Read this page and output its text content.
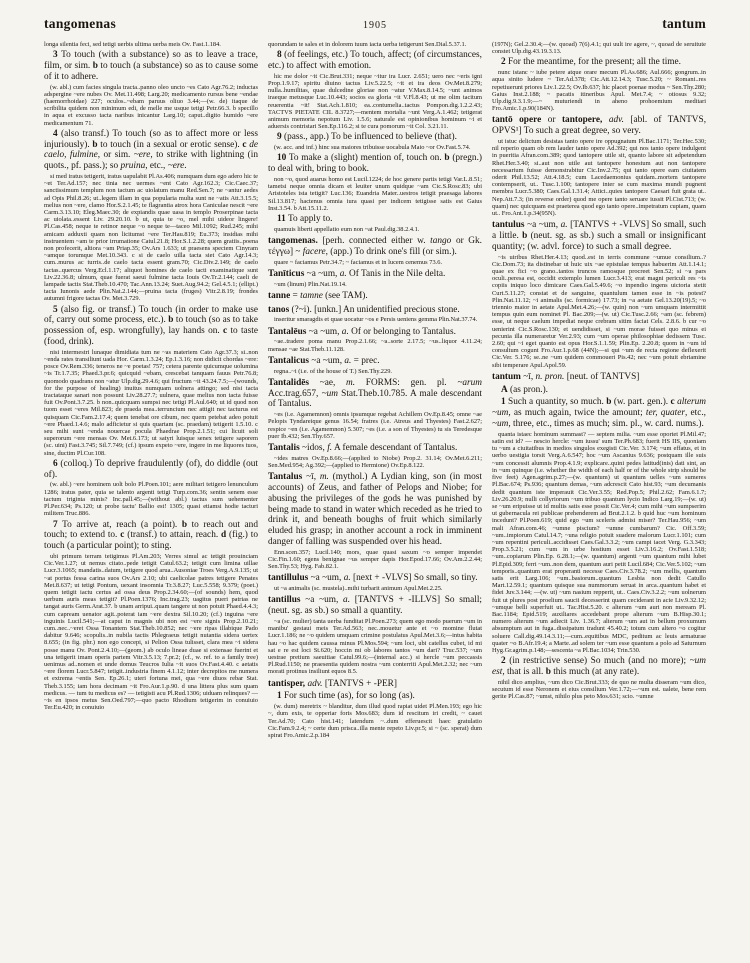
tangomenas	1905	tantum

longa silentia feci, sed tetigi uerbis ultima uerba meis Ov. Fast.1.184.

3 To touch (with a substance) so as to leave a trace, film, or sim. b to touch (a substance) so as to cause some of it to adhere.

(w. abl.) cum facies singula tracta..panno oleo uncto ~es Cato Agr.76.2; inductas adspergine ~ere nubes Ov. Met.11.498; Larg.20; medicamento rursus bene ~endae (haemorrhoidae) 227; oculos..~ebam paruus oliuo 3.44;—(w. de) itaque de scribilita quidem non minimum edi, de melle me usque tetigi Petr.66.3. b specillo in aqua et excusso tacta naribus inicantur Larg.10; caput..digito humido ~ere medicamentum 71.

4 (also transf.) To touch (so as to affect more or less injuriously). b to touch (in a sexual or erotic sense). c de caelo, fulmine, or sim. ~ere, to strike with lightning (in quots., pf. pass.); so pruina, etc., ~ere.

si med iratus tetigerit, iratus uapulabit Pl.As.406; numquam dum ego adero hic te ~et Ter.Ad.157; nec tinia nec uermes ~ent Cato Agr.162.3; Cic.Caec.37; sanctissimum templum non tactum ac uiolatum manu Red.Sen.7; ne ~antur aedes ad Opis Phil.8.26; ut..legem illam in qua popularia multa sunt ne ~atis Att.3.15.5; melius non ~ere, clamo Hor.S.2.1.45; te flagrantia atrox hora Caniculae nescit ~ere Carm.3.13.10; Eleg.Maec.30; de expiandis quae uasa in templo Proserpinae tacta ac uiolata..essent Liv. 29.20.10. b ut, quia te ~o, mel mihi uideor lingere! Pl.Cas.458; neque te retinor neque ~o neque te—taceo Mil.1092; Rud.245; mihi amicam adduxti quam non licitumst ~ere Ter.Hau.819; Eu.373; insidias mihi instruentem ~am te prior irrumatione Catul.21.8; Hor.S.1.2.28; quem gratiis..poena non profecerit, altiora ~am Priap.35; Ov.Ars 1.633; ut praesens spectem Cinyram ~amque torumque Met.10.343. c si de caelo uilla tacta siet Cato Agr.14.3; cum..murus ac turris..de caelo tacta essent gram.70; Cic.Div.2.149; de caelo tactas..quercus Verg.Ecl.1.17; aliquot homines de caelo tacti examinatique sunt Liv.22.36.8; ulmum, quae fuerat saeui fulmine tacta Iouis Ov.Tr.2.144; caeli de lampade tactis Stat.Theb.10.470; Tac.Ann.13.24; Suet.Aug.94.2; Gel.4.5.1; (ellipt.) tacta Iunonis aede Plin.Nat.2.144;—pruina tacta (fruges) Vitr.2.8.19; frondes autumni frigore tactas Ov. Met.3.729.

5 (also fig. or transf.) To touch (in order to make use of, carry out some process, etc.). b to touch (so as to take possession of, esp. wrongfully), lay hands on. c to taste (food, drink).

nisi intermestri lunaque dimidiata tum ne ~as materiem Cato Agr.37.3; si..non ~enda rates transiliunt uada Hor. Carm.1.3.24; Ep.1.3.16; non didicit chordas ~ere: posce Ov.Rem.336; teneros ne ~e poetas! 757; cetera parente quicumque uolumina ~is Tr.1.7.35; Phaed.3.pr.6; quicquid ~ebam, crescebat tanquam fauus Petr.76.8; quomodo quadrans non ~atur Ulp.dig.29.4.6; qui fructum ~it 43.24.7.5;—(wounds, for the purpose of healing) inuitus numquam uolnera attingo; sed nisi tacta tractataque sanari non possunt Liv.28.27.7; uulnera, quae melius non tacta fuisse fuit Ov.Pont.3.7.25. b non..quicquam sumpsi nec tetigi Pl.Aul.640; ut id quod non tuom esset ~eres Mil.823; de praeda mea..terruncium nec attigit nec tacturus est quisquam Cic.Fam.2.17.4; quem tenebat ore cibum, nec quem petebat adeo potuit ~ere Phaed.1.4.6; malo adficietur si quis quartam (sc. praedam) tetigerit 1.5.10. c seu mihi sunt ~enda nouercae pocula Phaedrae Prop.2.1.51; cui licuit soli superorum ~ere mensas Ov. Met.6.173; ut satyri luisque senex tetigere saporem (sc. uini) Fast.3.745; Sil.7.749; (cf.) ipsum expeto ~ere, ingere in me liquores tuos, sine, ductim Pl.Cur.108.

6 (colloq.) To deprive fraudulently (of), do diddle (out of).

(w. abl.) ~ere hominem uolt bolo Pl.Poen.101; aere militari tetigero lenunculum 1286; iratus pater, quia se talento argenti tetigi Turp.com.36; sentin senem esse tactum triginta minis? Inc.pall.45;—(without abl.) tactus sum uehementer Pl.Per.634; Ps.120; ut probe tactu' Ballio est! 1305; quasi etiamsi hodie tacturi militem Truc.886.

7 To arrive at, reach (a point). b to reach out and touch; to extend to. c (transf.) to attain, reach. d (fig.) to touch (a particular point); to sting.

ubi primum terram tetigimus Pl.Am.203; Verres simul ac tetigit prouinciam Cic.Ver.1.27; ut nemus citato..pede tetigit Catul.63.2; tetigit cum limina uillae Lucr.3.1065; mandatis..datum, tetigere quod arua..Ausoniae Troes Verg.A.9.135; ut ~at portus fessa carina suos Ov.Ars 2.10; ubi caelicolae patres tetigere Penates Met.8.637; ut tetigi Pontum, uexant insomnia Tr.3.8.27; Luc.5.558; 9.379; (poet.) quem tetigit iactu certus ad ossa deus Prop.2.34.60;—(of sounds) hem, quod uerbum auris meas tetigit? Pl.Poen.1376; Inc.trag.23; uagitus pueri patrias ne tangat auris Germ.Arat.37. b unam arripui..quam tangere ut non potuit Phaed.4.4.3; cum capream uenator agit..poterat iam ~ere dextra Sil.10.20; (cf.) inguina ~ere inguinis Lucil.541;—at caput in magnis ubi non est ~ere signis Prop.2.10.21; cum..nec..~eret Ossa Tonantem Stat.Theb.10.852; nec ~ere ripas illabique Pado dabitur 9.646; scopulis..in nubila tactis Phlegraeus tetigit nutantia sidera uertex 8.655; (in fig. phr.) non ego concepi, si Pelion Ossa tulisset, clara mea ~i sidera posse manu Ov. Pont.2.4.10;—(geom.) ab oculo lineae duae si extensae fuerint et una tetigerit imam operis partem Vitr.3.5.13; 7.pr.2; (cf., w. ref. to a family tree) uenimus ad..nomen et unde domus Teucros Iulia ~it suos Ov.Fast.4.40. c aetatis ~ere florem Lucr.5.847; tetigit..industria finem 4.1.12; inter decrepitos me numera et extrema ~entis Sen. Ep.26.1; uteri fortuna mei, qua ~ere diuos rebar Stat. Theb.3.155; iam hora decimam ~it Fro.Aur.1.p.90. d una littera plus sum quam medicus. — tum tu medicus es? — tetigisti acu Pl.Rud.1306; uiduam relinques? — ~is en ipsos metus Sen.Oed.797;—quo pacto Rhodium tetigerim in conuiuio Ter.Eu.420; in conuiuio

quorundam te sales et in dolorem tuum iacta uerba tetigerunt Sen.Dial.5.37.1.

8 (of feelings, etc.) To touch, affect; (of circumstances, etc.) to affect with emotion.

hic me dolor ~it Cic.Brut.331; neque ~itur ira Lucr. 2.651; uero nec ~eris igni Prop.1.9.17; spiritu diuino tactus Liv.5.22.5; ~it et ira deos Ov.Met.8.279; nulla..humilitas, quae dulcedine gloriae non ~atur V.Max.8.14.5; ~unt animos iraeque metusque Luc.10.443; socios ea gloria ~it V.Fl.8.43; ut me olim tacitum reuerentia ~it! Stat.Ach.1.810; ea..contumelia..tactus Pompon.dig.1.2.2.43; TACTVS PIETATE CIL 8.3727;—mentem mortalia ~unt Verg.A.1.462; tetigerat animum memoria nepotum Liv. 1.5.6; naturale est opinionibus hominum ~i et aduersis contristari Sen.Ep.116.2; si te cura pomorum ~it Col. 3.21.11.

9 (pass., app.) To be influenced to believe (that).

(w. acc. and inf.) hinc sua maiores tribuisse uocabula Maio ~or Ov.Fast.5.74.

10 To make a (slight) mention of, touch on. b (pregn.) to deal with, bring to book.

non ~o, quod auarus homo est Lucil.1224; de hoc genere partis tetigi Var.L.8.51; tametsi neque omnia dicam et leuiter unum quidque ~am Cic.S.Rosc.83; ubi Aristoteles ista tetigit? Luc.136; Euandria Mater..uestros tetigit praesaga labores Sil.13.817; hactenus omnia iura quasi per indicem tetigisse satis est Gaius Inst.3.54. b Att.15.11.2.

11 To apply to.

quamuis liberti appellatio eum non ~at Paul.dig.38.2.4.1.

tangomenas. [perh. connected either w. tango or Gk. τέγγω] ~ facere, (app.) To drink one's fill (or sim.).

quare ~ faciamus Petr.34.7; ~ faciamus et in lucem cenemus 73.6.

Tanīticus ~a ~um, a. Of Tanis in the Nile delta.

~um (linum) Plin.Nat.19.14.

tanne = tamne (see TAM).

tanos (?~i). [unkn.] An unidentified precious stone.

inseritur smaragdis et quae uocatur ~os e Persis ueniens gemma Plin.Nat.37.74.

Tantalēus ~a ~um, a. Of or belonging to Tantalus.

~ae..tradere poma manu Prop.2.1.66; ~a..sorte 2.17.5; ~us..liquor 4.11.24; mensae ~ae Stat.Theb.11.128.

Tantalicus ~a ~um, a. = prec.

regna..~i (i.e. of the house of T.) Sen.Thy.229.

Tantalidēs ~ae, m. FORMS: gen. pl. ~arum Acc.trag.657, ~um Stat.Theb.10.785. A male descendant of Tantalus.

~es (i.e. Agamemnon) omnis ipsumque regebat Achillem Ov.Ep.8.45; omne ~ae Pelopis Tyndareique genus 16.54; fratres (i.e. Atreus and Thyestes) Fast.2.627; respice ~en (i.e. Agamemnon) 5.307; ~es (i.e. a son of Thyestes) tu sis Teredesque puer Ib.432; Sen.Thy.657.

Tantalis ~idos, f. A female descendant of Tantalus.

~ides matres Ov.Ep.8.66;—(applied to Niobe) Prop.2. 31.14; Ov.Met.6.211; Sen.Med.954; Ag.392;—(applied to Hermione) Ov.Ep.8.122.

Tantalus ~ī, m. (mythol.) A Lydian king, son (in most accounts) of Zeus, and father of Pelops and Niobe; for abusing the privileges of the gods he was punished by being made to stand in water which receded as he tried to drink it, and beneath boughs of fruit which similarly eluded his grasp; in another account a rock in imminent danger of falling was suspended over his head.

Enn.scen.357; Lucil.140; mors, quae quasi saxum ~o semper impendet Cic.Fin.1.60; egens benignae ~us semper dapis Hor.Epod.17.66; Ov.Am.2.2.44; Sen.Thy.53; Hyg. Fab.82.1.

tantillulus ~a ~um, a. [next + -VLVS] So small, so tiny.

ut ~a animalis (sc. mustela)..mihi turbarit animum Apul.Met.2.25.

tantillus ~a ~um, a. [TANTVS + -ILLVS] So small; (neut. sg. as sb.) so small a quantity.

~a (sc. mulier) tanta uerba funditat Pl.Poen.273; quem ego modo puerum ~um in manibu' gestaui meis Ter.Ad.563; nec..mouetur ante et ~o momine flutat Lucr.1.186; ne ~o quidem umquam crimine postulatus Apul.Met.3.6;—intus habita hau ~o hac quidem caussa minus Pl.Mos.594; ~um loci, ubi catellus cubet, id mi sat e re est loci St.620; hoccin mi ob labores tantos ~um dari? Truc.537; ~um uestrae pretium saeuitiae Catul.99.6;—(internal acc.) si hercle ~um peccassis Pl.Rud.1150; ne praesentia quidem nostra ~um conterriti Apul.Met.2.32; nec ~um morati protinus insiliunt equos 8.5.

tantisper, adv. [TANTVS + -PER]

1 For such time (as), for so long (as).

(w. dum) meretrix ~ blanditur, dum illud quod rapiat uidet Pl.Men.193; ego hic ~, dum exis, te opperiar foris Mos.683; dum id rescitum iri credit, ~ cauet Ter.Ad.70; Cato hist.141; latendum ~..dum efferuescit haec gratulatio Cic.Fam.9.2.4; ~ certe dum prisca..illa mente repeto Liv.pr.5; si ~ (sc. sperat) dum spirat Fro.Amic.2.p.184

(197N); Gel.2.30.4;—(w. quoad) 7(6).4.1; qui uult ire agere, ~, quoad de seruitute constet Ulp.dig.43.19.3.13.

2 For the meantime, for the present; all the time.

nunc istanc ~ iube petere atque orare mecum Pl.As.686; Aul.666; gongrum..in aqua sinito ludere ~ Ter.Ad.378; Cic.Att.12.14.3; Tusc.5.20; ~ Romani..res repetiuerunt priores Liv.1.22.5; Ov.Ib.637; hic placet poenae modus ~ Sen.Thy.280; Gaius Inst.2.188; ~ pacatis itineribus Apul. Met.7.4; ~ otiosus 9.32; Ulp.dig.9.3.1.9;—~ muturiendi in aheno prohoemium meditari Fro.Amic.1.p.90(184N).

tantō opere or tantopere, adv. [abl. of TANTVS, OPVS¹] To such a great degree, so very.

ut istuc delictum desistas tanto opere ire oppugnatum Pl.Bac.1171; Ter.Hec.530; nil reperio quam ob rem lauder tanto opere Ad.392; qui nos tanto opere indulgent in pueritia Afran.com.389; quod tantopere utile sit, quanto labore sit adpetendum Rhet.Her.3.40; si..aut non utile aut tantopere honestum aut non tantopere necessarium fuisse demonstrabitur Cic.Inv.2.75; qui tanto opere eam ciuitatem oderit Phil.13.52; Att.4.18.5; cum Lacedaemonius quidam..mortem tantopere contempserit, ut.. Tusc.1.100; tantopere inter se cum maxima mundi pugnent membra Lucr.5.380; Caes.Gal.1.31.4; Attici..quies tantopere Caesari fuit grata ut.. Nep.Att.7.3; (in reverse order) quod me opere tanto seruare iussit Pl.Cist.713; (w. quam) nec quicquam est praeterea quod ego tanto opere..impetratum cupiam, quam ut.. Fro.Ant.1.p.34(95N).

tantulus ~a ~um, a. [TANTVS + -VLVS] So small, such a little. b (neut. sg. as sb.) such a small or insignificant quantity; (w. advl. force) to such a small degree.

~is uiribus Rhet.Her.4.13; quod..est in terris commune ~umue consilium..? Cic.Dom.73; ita distinebar ut huic uix ~ae epistulae tempus habuerim Att.1.14.1; quae ex fici ~o grano..tantos truncos ramosque procreet Sen.52; si ~a pars oculi..peresa est, occidit extemplo lumen Lucr.3.413; erat magni periculi res ~is copiis iniquo loco dimicare Caes.Gal.5.49.6; ~o inpendio ingens uictoria stetit Curt.5.11.27; constat et de sanguine, quantulum tamen esse in ~is potest? Plin.Nat.11.12; ~i animalis (sc. formicae) 17.73; in ~a aetate Gel.13.20(19).5; ~o triennio maior in aetate Apul.Met.4.26;—(w. quin) non ~um umquam intermittit tempus quin eum nominet Pl. Bac.209;—(w. ut) Cic.Tusc.2.66; ~am (sc. febrem) esse, ut neque caelum impediat neque crebram sitim faciat Cels. 2.8.6. b cur ~o uenierint Cic.S.Rosc.130; et uendidisset, si ~um morae fuisset quo minus ei pecunia illa numeraretur Ver.2.93; cum ~um operae philosophiae dedissem Tusc. 2.60; qui ~i eget quanto est opus Hor.S.1.1.59; Plin.Ep. 2.20.8; quom in ~um id consultum cogunt Fro.Aur.1.p.68 (44N);—si qui ~um de recta regione deflexerit Cic.Ver. 5.176; se..ne ~um quidem commoueri Pis.42; nec ~um potuit ebriamine sibi temperare Apul.Apol.59.

tantum ~ī, n. pron. [neut. of TANTVS]

A (as pron.).

1 Such a quantity, so much. b (w. part. gen.). c alterum ~um, as much again, twice the amount; ter, quater, etc., ~um, three, etc., times as much; sim. pl., w. card. nums.).

quanta istaec hominum summast? — septem milia. ~um esse oportet Pl.Mil.47; satin est id? — nescio hercle: ~um iussu' sum Ter.Ph.683; fuerit HS IIS, quoniam tu ~um a ciuitatibus in medios singulos exegisti Cic.Ver. 3.174; ~um effatus, et in uerbo uestigia torsit Verg.A.6.547; hoc ~um Ascanius 9.636; postquam ille suis ~um concessit alumnis Prop.4.1.9; explicare..quini pedes latitud(inis) dati sint, an in ~um quinque (i.e. whether the width of each half or of the whole strip should be five feet) Agen.agrim.p.27;—(w. quantum) ut quantum uelles ~um sumeres Pl.Bac.674; Ps.936; quantum demas, ~um adcrescit Cato hist.93; ~um decumanis dedit quantum iste imperauit Cic.Ver.3.55; Red.Pop.5; Phil.2.62; Fam.6.1.7; Liv.26.20.9; nulli collyriorum ~um tribuo quantum lycio Indico Larg.19;—(w. ut) se ~um eripuisse ut id multis satis esse possit Cic.Ver.4; cum mihi ~um sumpserim ut gubernacula rei publicae prehenderem ad Brut.2.1.2. b quid huc ~um hominum incedunt? Pl.Poen.619; quid ego ~um sceleris admisi miser? Ter.Hau.956; ~um mali Afran.com.46; ~umne piscium? ~umne cumbarum? Cic. Off.3.59; ~um..impiorum Catul.14.7; ~una religio potuit suadere malorum Lucr.1.101; cum ~um repentini periculi..accidisset Caes.Gal.3.3.2; ~um campi iacet Verg. G.3.343; Prop.3.5.21; cum ~um in urbe hostium esset Liv.3.16.2; Ov.Fast.1.518; ~um..copiarum Plin.Ep. 6.28.1;—(w. quantum) argenti ~um quantum mihi lubet Pl.Epid.309; ferri ~um..non dem, quantum auri petit Lucil.684; Cic.Ver.5.102; ~um temporis..quantum erat properanti necesse Caes.Civ.3.78.2; ~um mellis, quantum satis erit Larg.106; ~um..basiorum..quantum Lesbia non dedit Catullo Mart.12.59.1; quantum quisque sua nummorum seruat in arca..quantum habet et fidei Juv.3.144; —(w. ut) ~um nasium repperit, ut.. Caes.Civ.3.2.2; ~um uolnerum fuit ut plures post proelium saucii decesserint quam ceciderant in acie Liv.9.32.12; ~umque belli superfuit ut.. Tac.Hist.5.20. c alterum ~um auri non meream Pl. Bac.1184; Epid.519; auxiliares accedebant prope alterum ~um B.Hisp.30.1; numero alterum ~um adiecit Liv. 1.36.7; alterum ~um aut in bellum proxumum absumptum aut in fuga..dissipatum tradunt 45.40.2; totum cum altero ~o cogitur soluere Call.dig.49.14.3.11;—cum..equitibus MDC, peditum ac leuis armaturae quater ~o B.Afr.19.4; a Marte..ad solem ter ~um esse quantum a polo ad Saturnum Hyg.Gr.agrim.p.148;—sescenta ~a Pl.Bac.1034; Trin.530.

2 (in restrictive sense) So much (and no more); ~um est, that is all. b this much (at any rate).

nihil dico amplius, ~um dico Cic.Brut.333; de quo ne multa disseram ~um dico, secutum id esse Neronem et eius consilium Ver.1.72;—~um est. ualete, bene rem gerite Pl.Cas.87; ~umst, nihilo plus peto Mos.631; scio. ~umne
